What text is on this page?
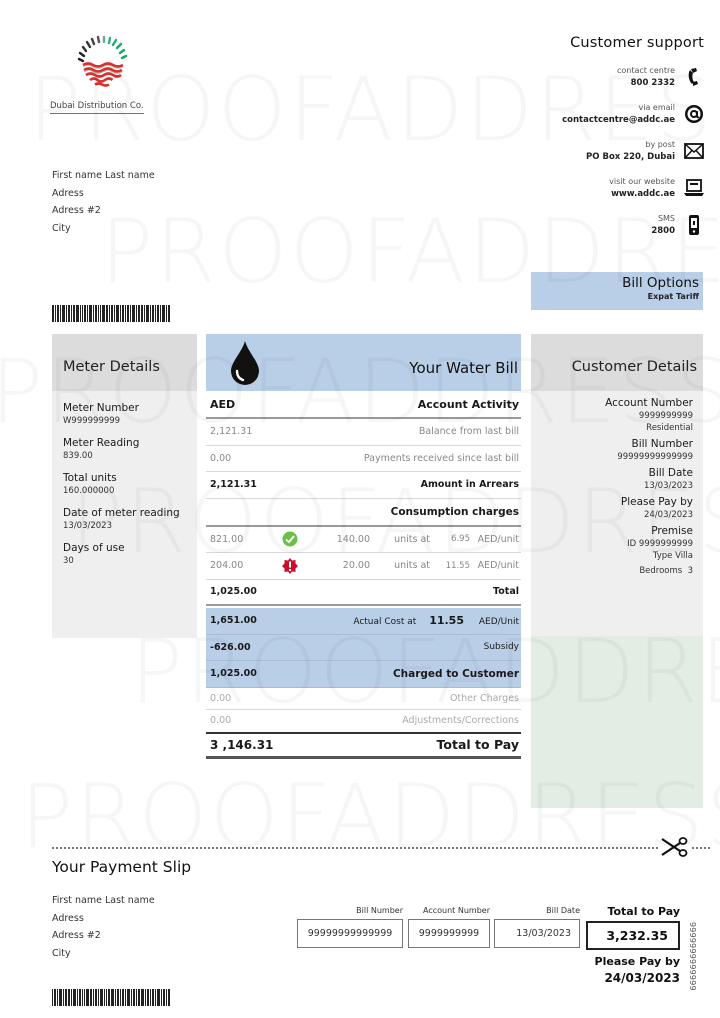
Dubai Distribution Co.
First name Last name
Adress
Adress #2
City
Customer support
contact centre
800 2332
via email
contactcentre@addc.ae
by post
PO Box 220, Dubai
visit our website
www.addc.ae
SMS
2800
Bill Options
Expat Tariff
Meter Details
Meter Number
W999999999
Meter Reading
839.00
Total units
160.000000
Date of meter reading
13/03/2023
Days of use
30
Your Water Bill
AED	Account Activity
2,121.31	Balance from last bill
0.00	Payments received since last bill
2,121.31	Amount in Arrears
Consumption charges
821.00	140.00	units at	6.95 AED/unit
204.00	20.00	units at	11.55 AED/unit
1,025.00	Total
1,651.00	Actual Cost at 11.55 AED/Unit
-626.00	Subsidy
1,025.00	Charged to Customer
0.00	Other Charges
0.00	Adjustments/Corrections
3 ,146.31	Total to Pay
Customer Details
Account Number
9999999999
Residential
Bill Number
99999999999999
Bill Date
13/03/2023
Please Pay by
24/03/2023
Premise
ID 9999999999
Type Villa
Bedrooms  3
Your Payment Slip
First name Last name
Adress
Adress #2
City
Bill Number
99999999999999
Account Number
9999999999
Bill Date
13/03/2023
Total to Pay
3,232.35
Please Pay by
24/03/2023 9999999999999
